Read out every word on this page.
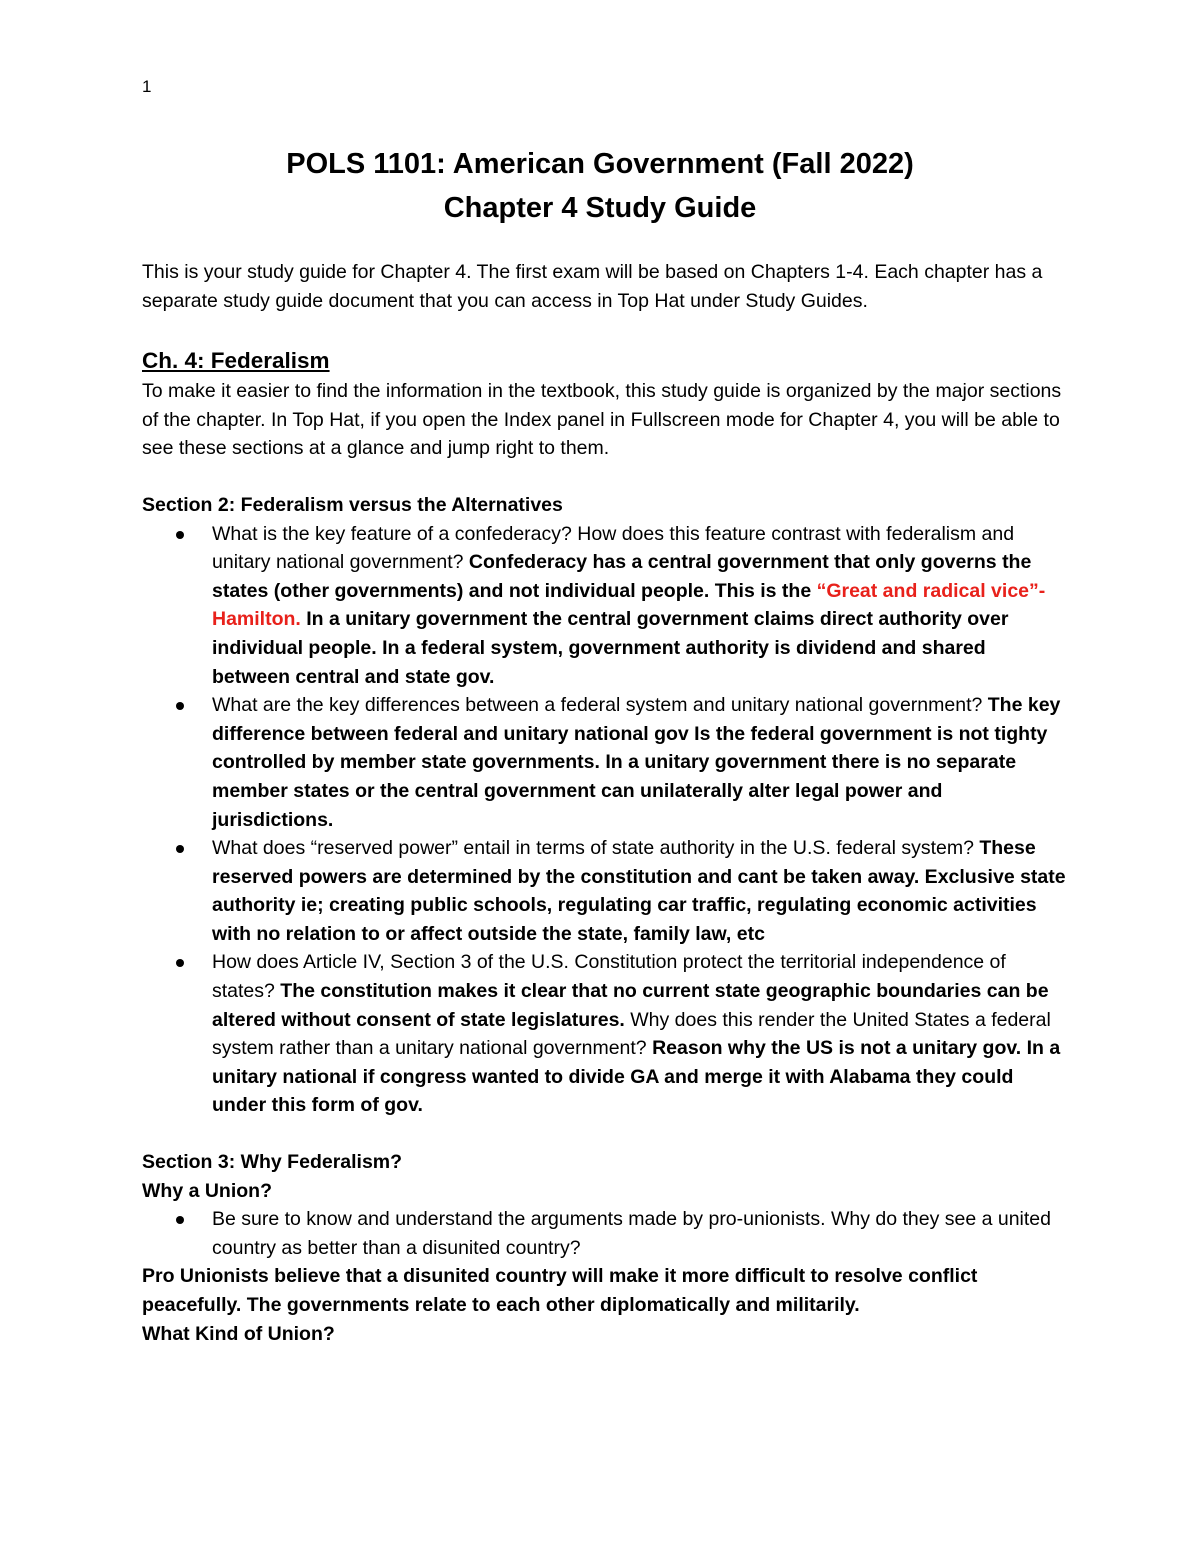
1
POLS 1101: American Government (Fall 2022)
Chapter 4 Study Guide

This is your study guide for Chapter 4. The first exam will be based on Chapters 1-4. Each chapter has a separate study guide document that you can access in Top Hat under Study Guides.

Ch. 4: Federalism

To make it easier to find the information in the textbook, this study guide is organized by the major sections of the chapter. In Top Hat, if you open the Index panel in Fullscreen mode for Chapter 4, you will be able to see these sections at a glance and jump right to them.

Section 2: Federalism versus the Alternatives

What is the key feature of a confederacy? How does this feature contrast with federalism and unitary national government? Confederacy has a central government that only governs the states (other governments) and not individual people. This is the “Great and radical vice”-Hamilton. In a unitary government the central government claims direct authority over individual people. In a federal system, government authority is dividend and shared between central and state gov.
What are the key differences between a federal system and unitary national government? The key difference between federal and unitary national gov Is the federal government is not tighty controlled by member state governments. In a unitary government there is no separate member states or the central government can unilaterally alter legal power and jurisdictions.
What does “reserved power” entail in terms of state authority in the U.S. federal system? These reserved powers are determined by the constitution and cant be taken away. Exclusive state authority ie; creating public schools, regulating car traffic, regulating economic activities with no relation to or affect outside the state, family law, etc
How does Article IV, Section 3 of the U.S. Constitution protect the territorial independence of states? The constitution makes it clear that no current state geographic boundaries can be altered without consent of state legislatures. Why does this render the United States a federal system rather than a unitary national government? Reason why the US is not a unitary gov. In a unitary national if congress wanted to divide GA and merge it with Alabama they could under this form of gov.

Section 3: Why Federalism?

Why a Union?

Be sure to know and understand the arguments made by pro-unionists. Why do they see a united country as better than a disunited country?

Pro Unionists believe that a disunited country will make it more difficult to resolve conflict peacefully. The governments relate to each other diplomatically and militarily.

What Kind of Union?
